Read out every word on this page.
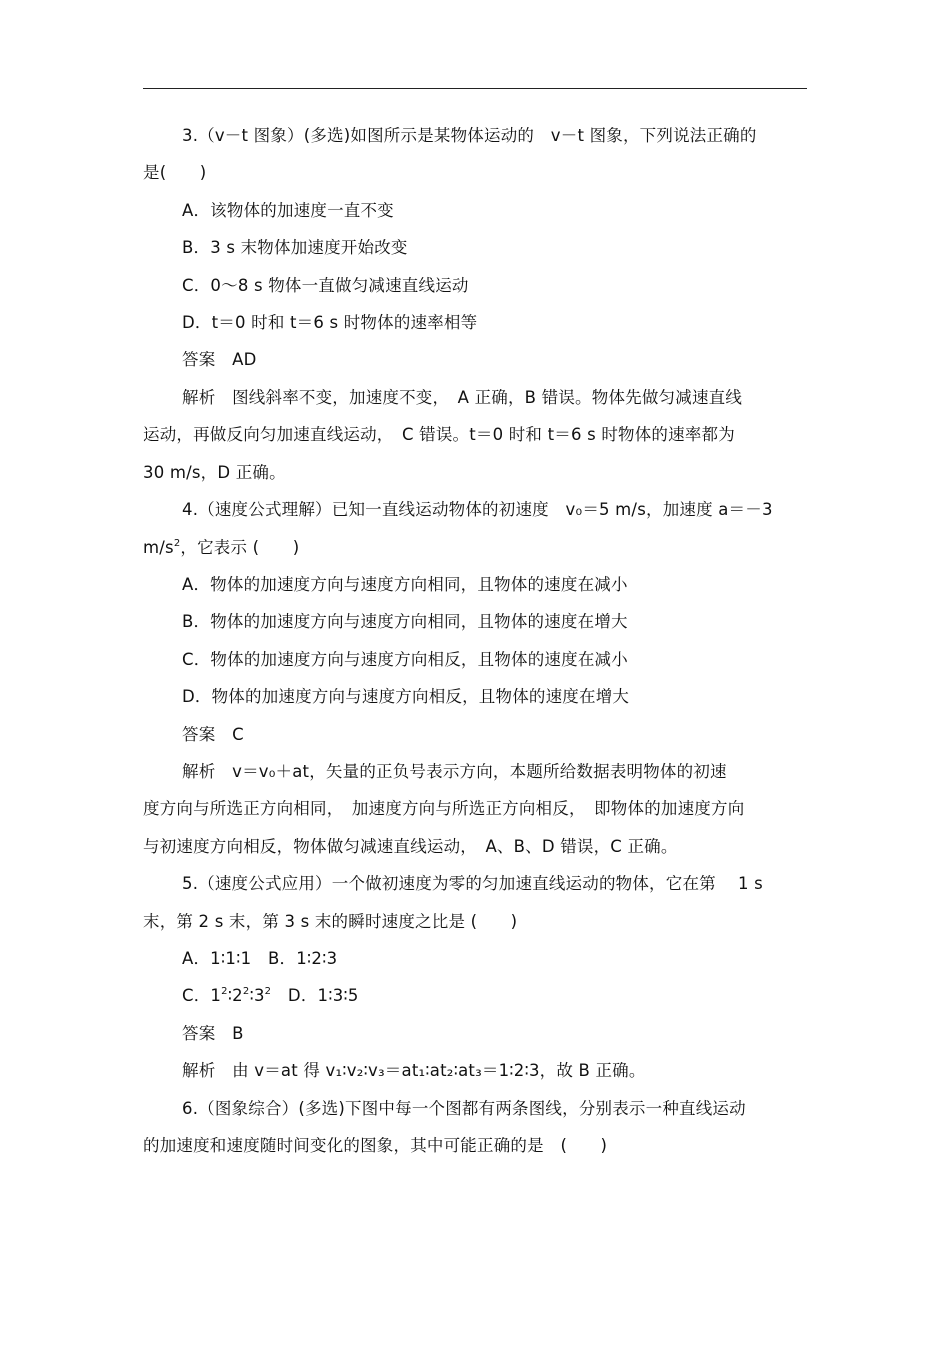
3.（v－t 图象）(多选)如图所示是某物体运动的　v－t 图象，下列说法正确的
是(　　)
A．该物体的加速度一直不变
B．3 s 末物体加速度开始改变
C．0～8 s 物体一直做匀减速直线运动
D．t＝0 时和 t＝6 s 时物体的速率相等
答案　AD
解析　图线斜率不变，加速度不变，　A 正确，B 错误。物体先做匀减速直线
运动，再做反向匀加速直线运动，　C 错误。t＝0 时和 t＝6 s 时物体的速率都为
30 m/s，D 正确。
4.（速度公式理解）已知一直线运动物体的初速度　v₀＝5 m/s，加速度 a＝－3
$m/s^2$，它表示 (　　)
A．物体的加速度方向与速度方向相同，且物体的速度在减小
B．物体的加速度方向与速度方向相同，且物体的速度在增大
C．物体的加速度方向与速度方向相反，且物体的速度在减小
D．物体的加速度方向与速度方向相反，且物体的速度在增大
答案　C
解析　v＝v₀＋at，矢量的正负号表示方向，本题所给数据表明物体的初速
度方向与所选正方向相同，　加速度方向与所选正方向相反，　即物体的加速度方向
与初速度方向相反，物体做匀减速直线运动，　A、B、D 错误，C 正确。
5.（速度公式应用）一个做初速度为零的匀加速直线运动的物体，它在第　 1 s
末，第 2 s 末，第 3 s 末的瞬时速度之比是 (　　)
A．1∶1∶1　B．1∶2∶3
C．$1^2∶2^2∶3^2$　D．1∶3∶5
答案　B
解析　由 v＝at 得 v₁∶v₂∶v₃＝at₁∶at₂∶at₃＝1∶2∶3，故 B 正确。
6.（图象综合）(多选)下图中每一个图都有两条图线，分别表示一种直线运动
的加速度和速度随时间变化的图象，其中可能正确的是　(　　)
